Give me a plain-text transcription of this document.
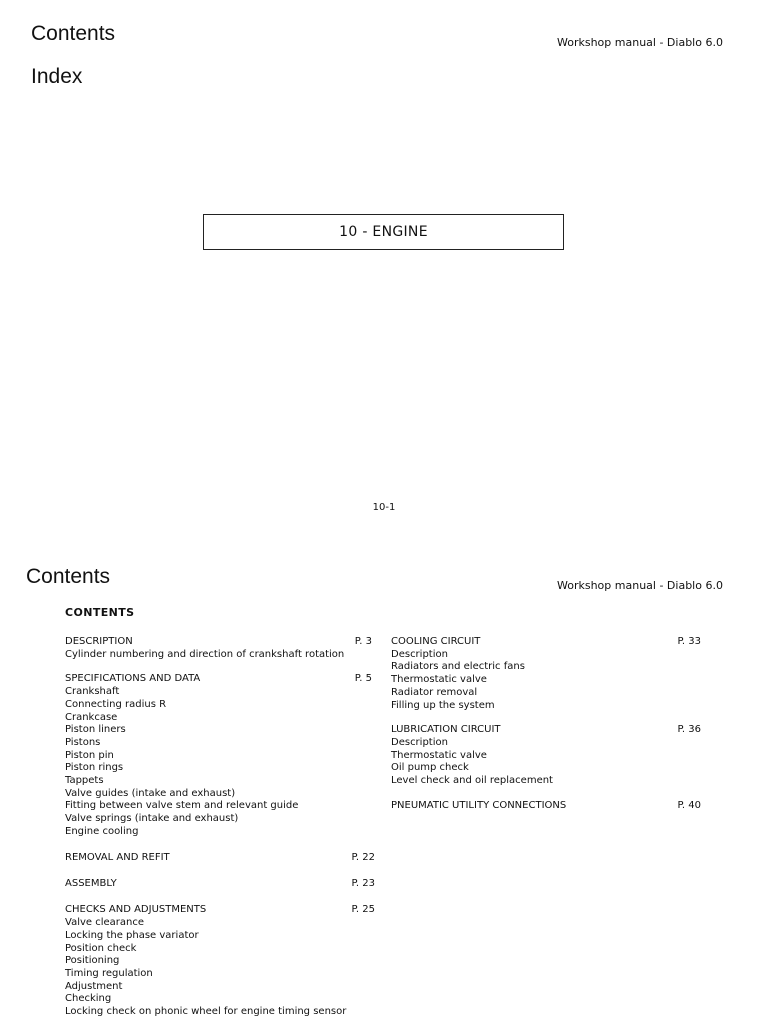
Contents
Index
Workshop manual - Diablo 6.0
10 - ENGINE
10-1
Contents	Workshop manual - Diablo 6.0
CONTENTS
DESCRIPTION	P. 3
Cylinder numbering and direction of crankshaft rotation
SPECIFICATIONS AND DATA	P. 5
Crankshaft
Connecting radius R
Crankcase
Piston liners
Pistons
Piston pin
Piston rings
Tappets
Valve guides (intake and exhaust)
Fitting between valve stem and relevant guide
Valve springs (intake and exhaust)
Engine cooling
REMOVAL AND REFIT	P. 22
ASSEMBLY	P. 23
CHECKS AND ADJUSTMENTS	P. 25
Valve clearance
Locking the phase variator
Position check
Positioning
Timing regulation
Adjustment
Checking
Locking check on phonic wheel for engine timing sensor
COOLING CIRCUIT	P. 33
Description
Radiators and electric fans
Thermostatic valve
Radiator removal
Filling up the system
LUBRICATION CIRCUIT	P. 36
Description
Thermostatic valve
Oil pump check
Level check and oil replacement
PNEUMATIC UTILITY CONNECTIONS	P. 40
